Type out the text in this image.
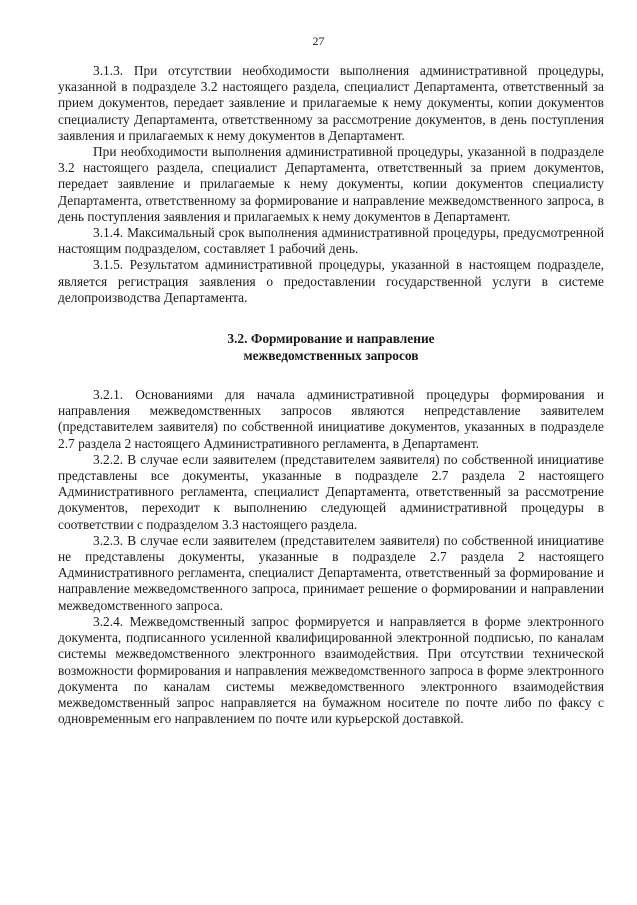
27

3.1.3. При отсутствии необходимости выполнения административной процедуры, указанной в подразделе 3.2 настоящего раздела, специалист Департамента, ответственный за прием документов, передает заявление и прилагаемые к нему документы, копии документов специалисту Департамента, ответственному за рассмотрение документов, в день поступления заявления и прилагаемых к нему документов в Департамент.

При необходимости выполнения административной процедуры, указанной в подразделе 3.2 настоящего раздела, специалист Департамента, ответственный за прием документов, передает заявление и прилагаемые к нему документы, копии документов специалисту Департамента, ответственному за формирование и направление межведомственного запроса, в день поступления заявления и прилагаемых к нему документов в Департамент.

3.1.4. Максимальный срок выполнения административной процедуры, предусмотренной настоящим подразделом, составляет 1 рабочий день.

3.1.5. Результатом административной процедуры, указанной в настоящем подразделе, является регистрация заявления о предоставлении государственной услуги в системе делопроизводства Департамента.

3.2. Формирование и направление
межведомственных запросов

3.2.1. Основаниями для начала административной процедуры формирования и направления межведомственных запросов являются непредставление заявителем (представителем заявителя) по собственной инициативе документов, указанных в подразделе 2.7 раздела 2 настоящего Административного регламента, в Департамент.

3.2.2. В случае если заявителем (представителем заявителя) по собственной инициативе представлены все документы, указанные в подразделе 2.7 раздела 2 настоящего Административного регламента, специалист Департамента, ответственный за рассмотрение документов, переходит к выполнению следующей административной процедуры в соответствии с подразделом 3.3 настоящего раздела.

3.2.3. В случае если заявителем (представителем заявителя) по собственной инициативе не представлены документы, указанные в подразделе 2.7 раздела 2 настоящего Административного регламента, специалист Департамента, ответственный за формирование и направление межведомственного запроса, принимает решение о формировании и направлении межведомственного запроса.

3.2.4. Межведомственный запрос формируется и направляется в форме электронного документа, подписанного усиленной квалифицированной электронной подписью, по каналам системы межведомственного электронного взаимодействия. При отсутствии технической возможности формирования и направления межведомственного запроса в форме электронного документа по каналам системы межведомственного электронного взаимодействия межведомственный запрос направляется на бумажном носителе по почте либо по факсу с одновременным его направлением по почте или курьерской доставкой.
